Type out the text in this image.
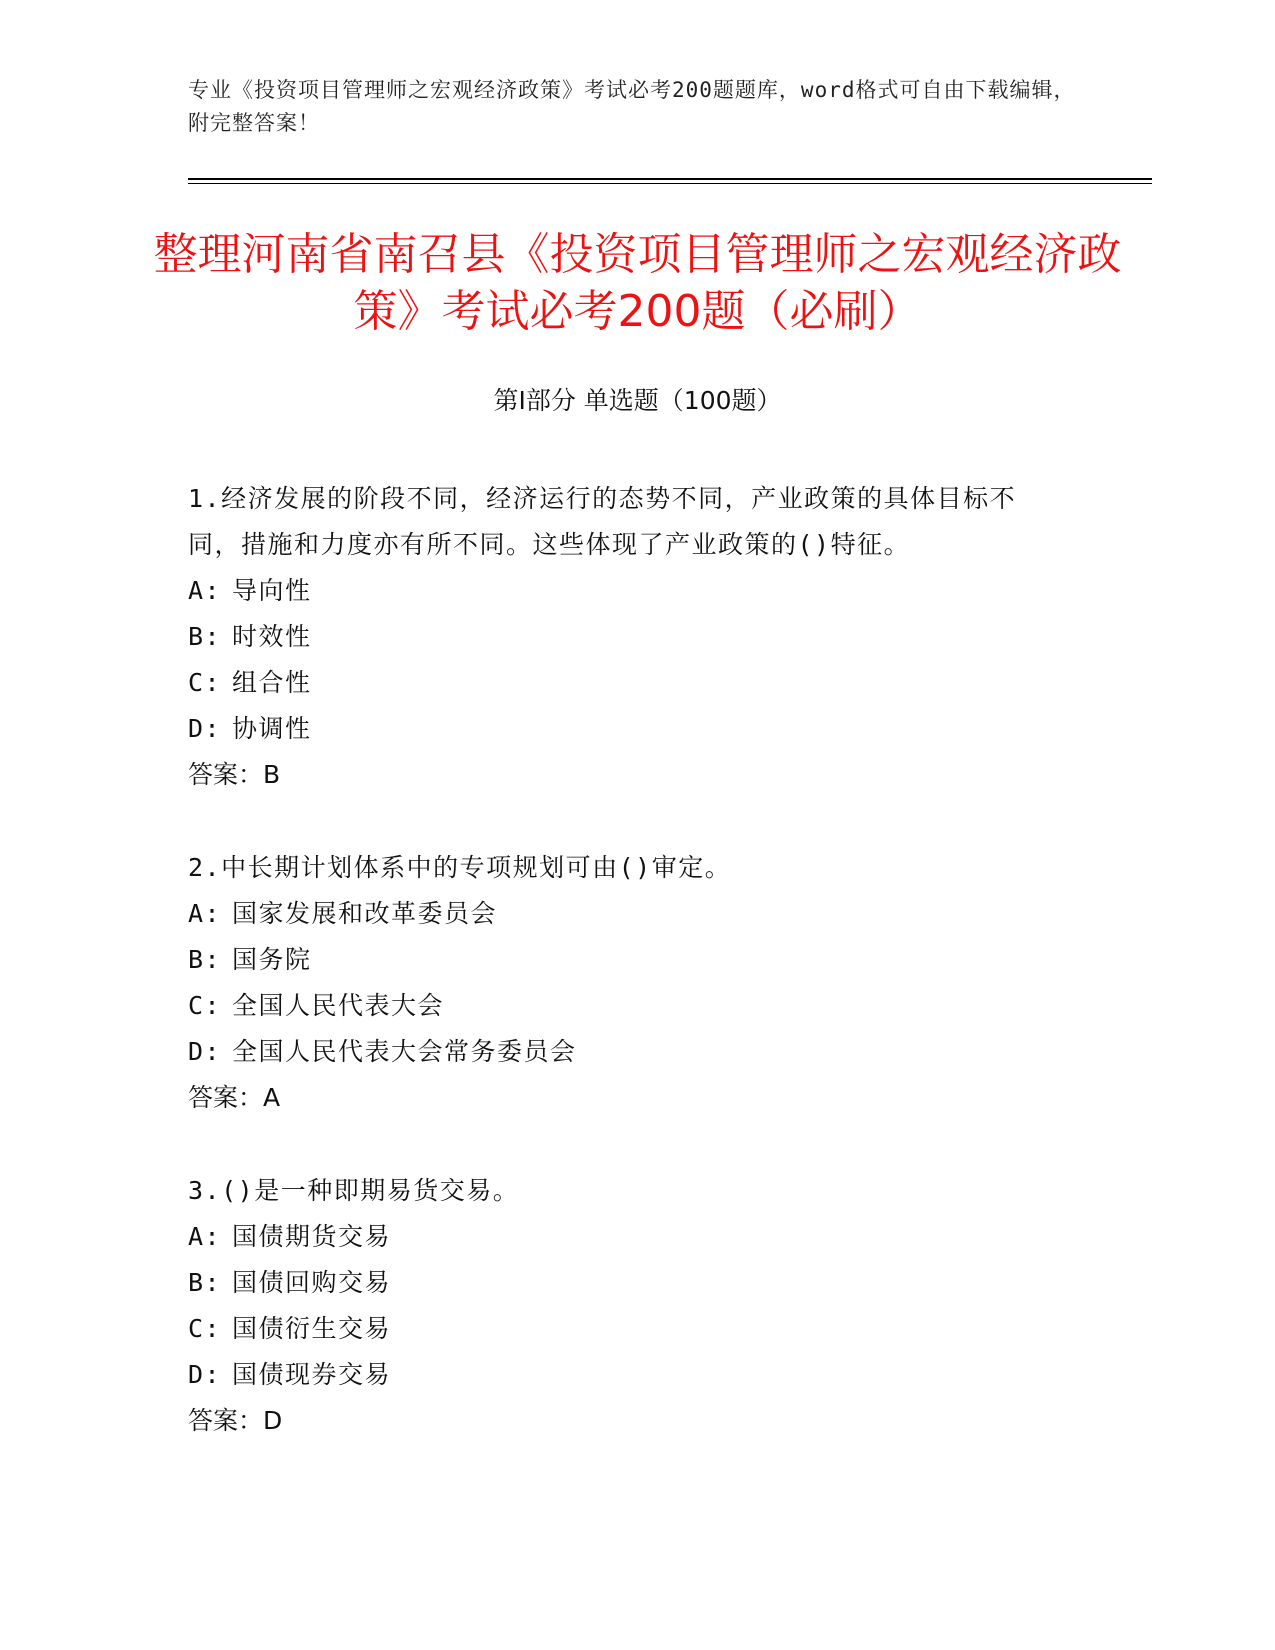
专业《投资项目管理师之宏观经济政策》考试必考200题题库，word格式可自由下载编辑，附完整答案！
整理河南省南召县《投资项目管理师之宏观经济政策》考试必考200题（必刷）
第Ⅰ部分 单选题（100题）

1.经济发展的阶段不同，经济运行的态势不同，产业政策的具体目标不同，措施和力度亦有所不同。这些体现了产业政策的()特征。

A: 导向性
B: 时效性
C: 组合性
D: 协调性
答案：B

2.中长期计划体系中的专项规划可由()审定。

A: 国家发展和改革委员会
B: 国务院
C: 全国人民代表大会
D: 全国人民代表大会常务委员会
答案：A

3.()是一种即期易货交易。

A: 国债期货交易
B: 国债回购交易
C: 国债衍生交易
D: 国债现券交易
答案：D
